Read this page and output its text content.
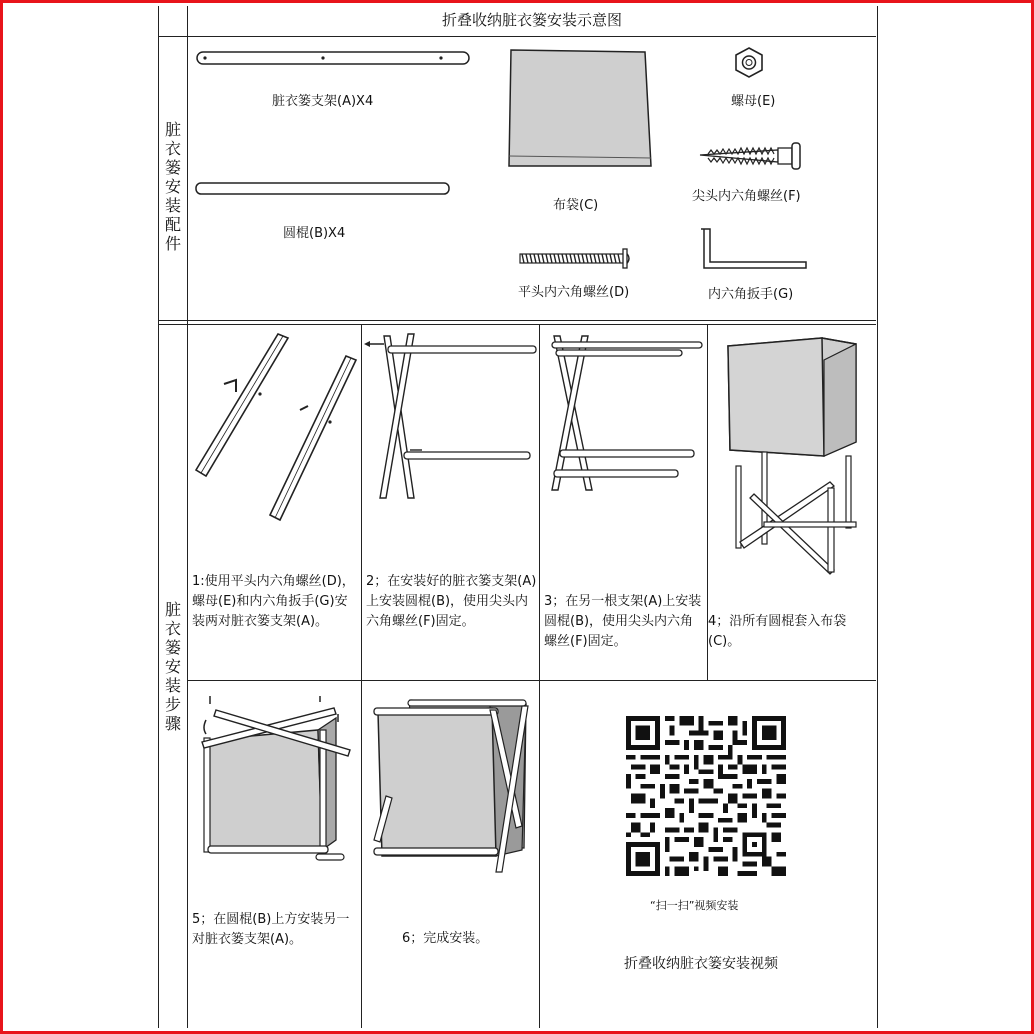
折叠收纳脏衣篓安装示意图
脏
衣
篓
安
装
配
件
脏
衣
篓
安
装
步
骤
脏衣篓支架(A)X4
圆棍(B)X4
布袋(C)
螺母(E)
尖头内六角螺丝(F)
平头内六角螺丝(D)	内六角扳手(G)
1:使用平头内六角螺丝(D)，螺母(E)和内六角扳手(G)安装两对脏衣篓支架(A)。
2；在安装好的脏衣篓支架(A)上安装圆棍(B)，使用尖头内六角螺丝(F)固定。
3；在另一根支架(A)上安装圆棍(B)，使用尖头内六角螺丝(F)固定。
4；沿所有圆棍套入布袋(C)。
5；在圆棍(B)上方安装另一对脏衣篓支架(A)。	6；完成安装。
“扫一扫”视频安装
折叠收纳脏衣篓安装视频
